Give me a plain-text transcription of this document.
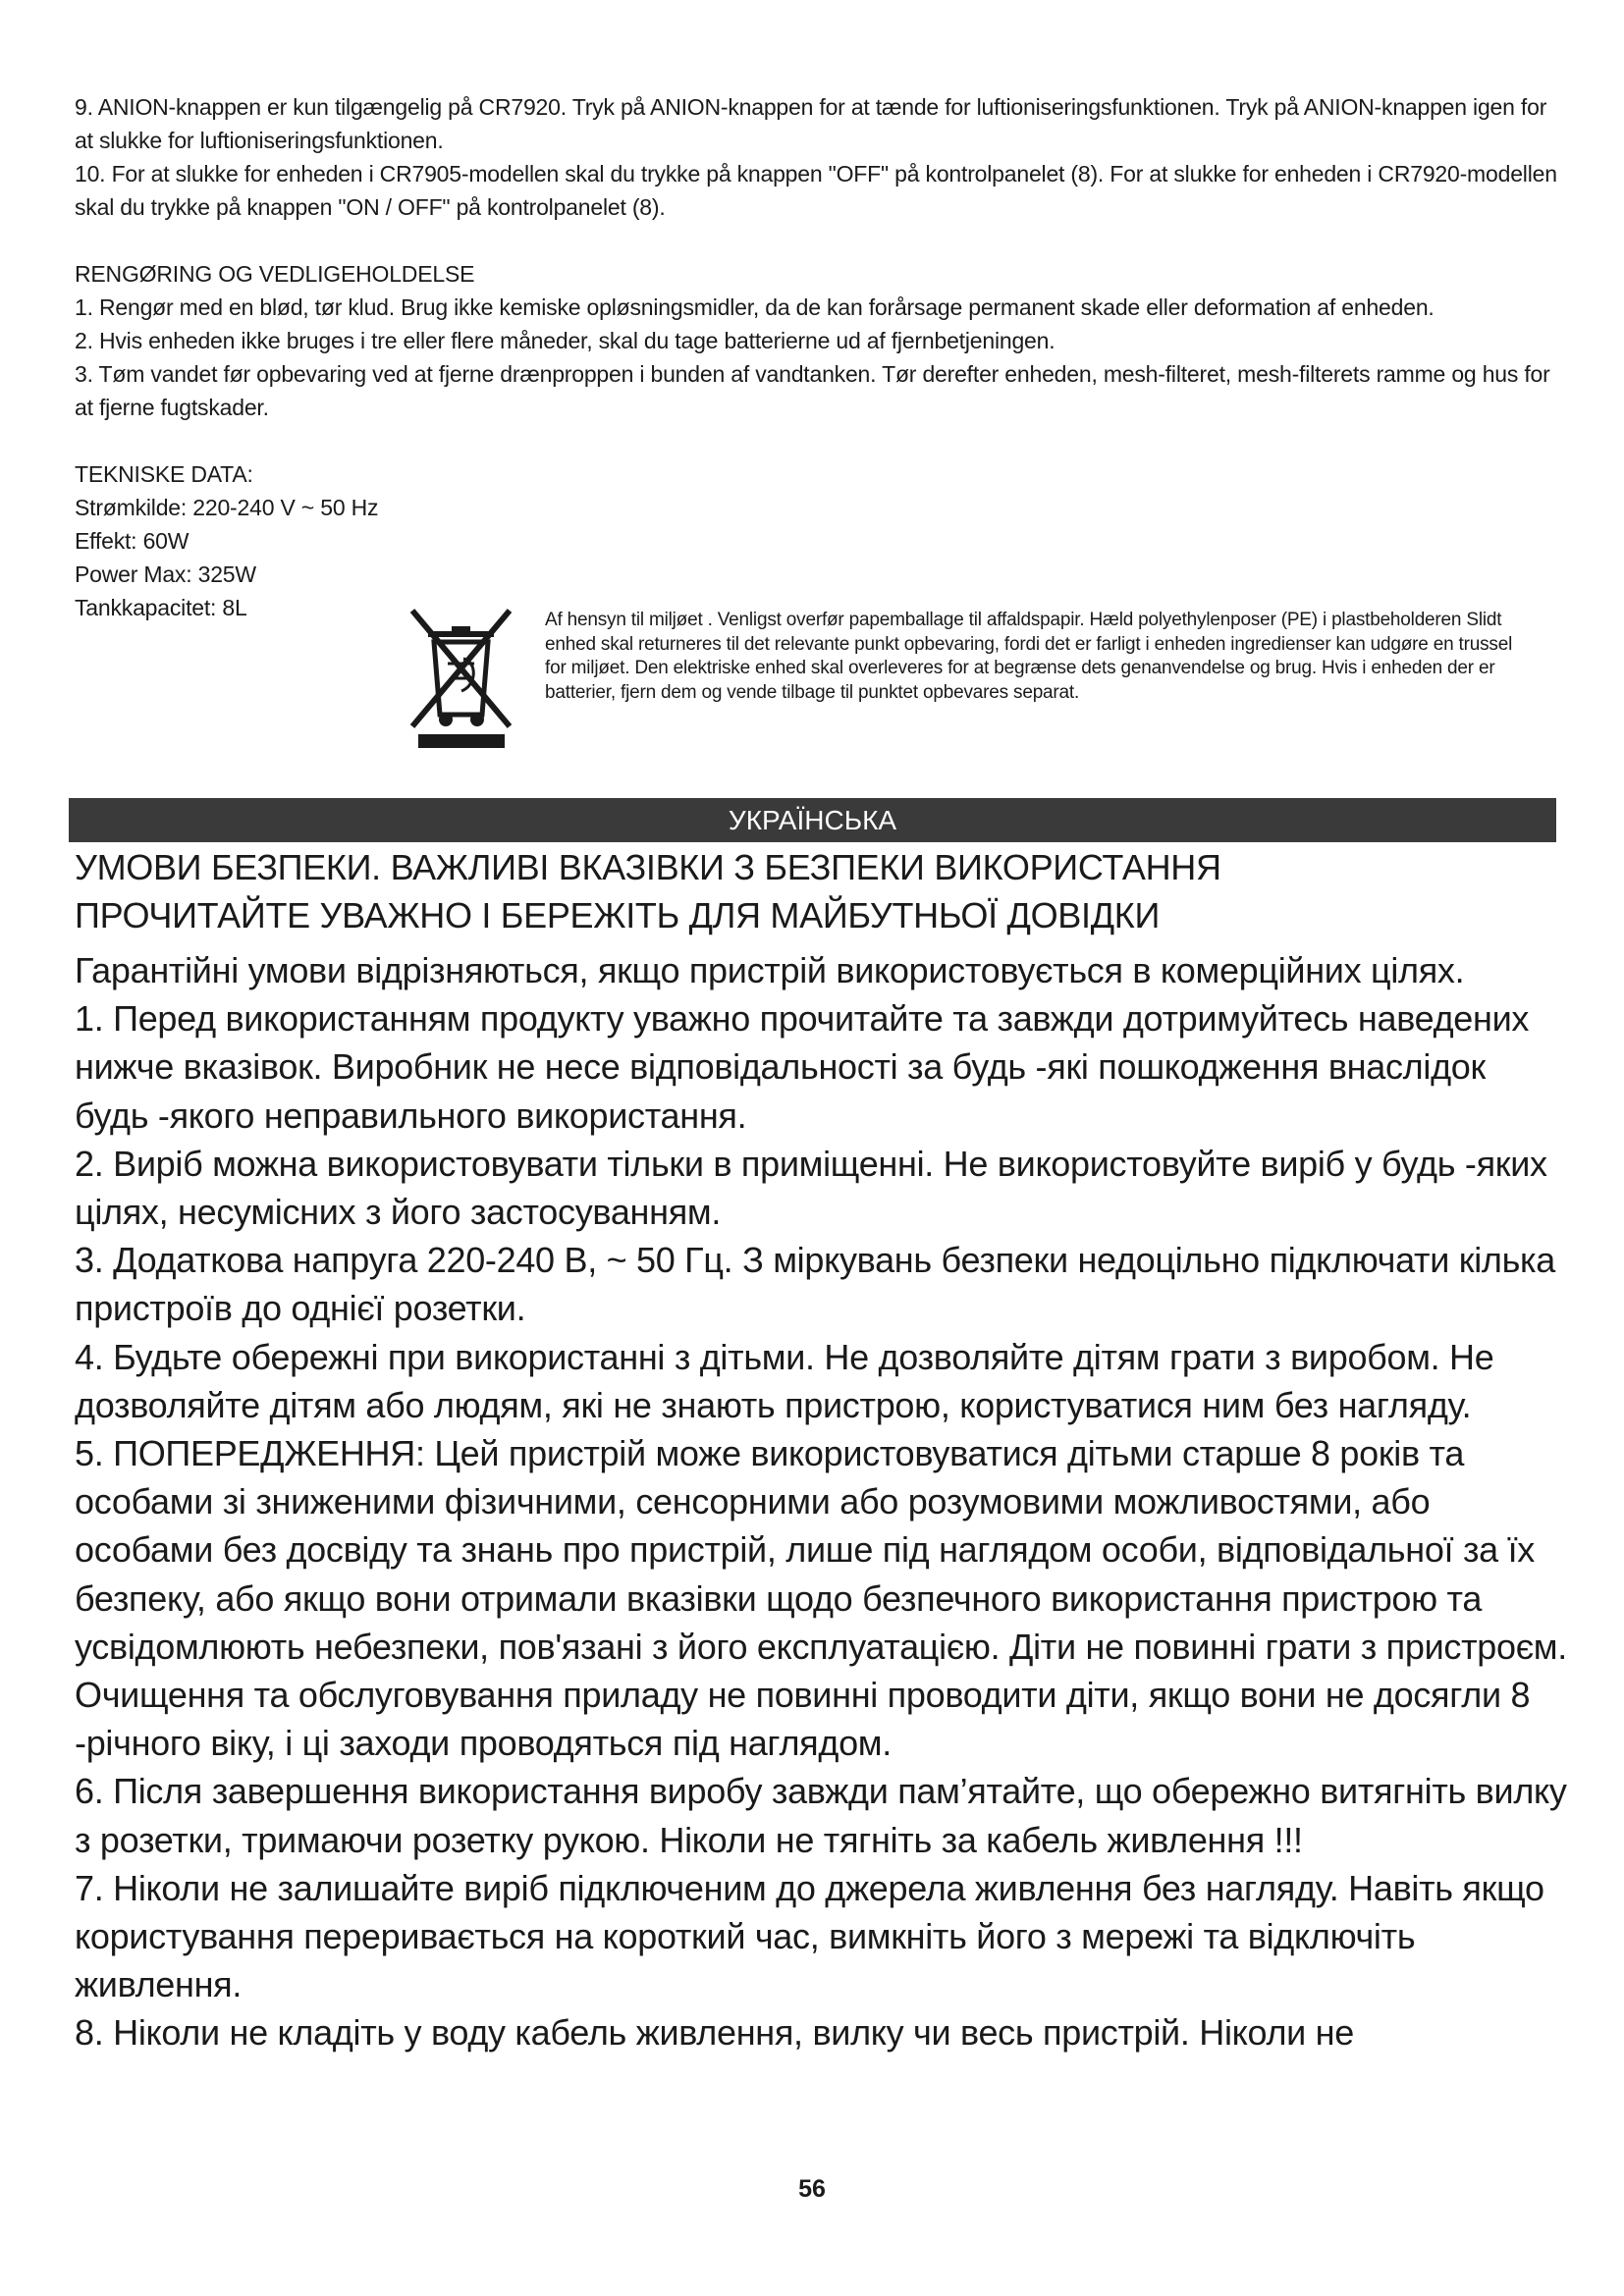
9. ANION-knappen er kun tilgængelig på CR7920. Tryk på ANION-knappen for at tænde for luftioniseringsfunktionen. Tryk på ANION-knappen igen for at slukke for luftioniseringsfunktionen.

10. For at slukke for enheden i CR7905-modellen skal du trykke på knappen "OFF" på kontrolpanelet (8). For at slukke for enheden i CR7920-modellen skal du trykke på knappen "ON / OFF" på kontrolpanelet (8).

RENGØRING OG VEDLIGEHOLDELSE

1. Rengør med en blød, tør klud. Brug ikke kemiske opløsningsmidler, da de kan forårsage permanent skade eller deformation af enheden.

2. Hvis enheden ikke bruges i tre eller flere måneder, skal du tage batterierne ud af fjernbetjeningen.

3. Tøm vandet før opbevaring ved at fjerne drænproppen i bunden af vandtanken. Tør derefter enheden, mesh-filteret, mesh-filterets ramme og hus for at fjerne fugtskader.

TEKNISKE DATA:

Strømkilde: 220-240 V ~ 50 Hz

Effekt: 60W

Power Max: 325W

Tankkapacitet: 8L	Af hensyn til miljøet . Venligst overfør papemballage til affaldspapir. Hæld polyethylenposer (PE) i plastbeholderen Slidt enhed skal returneres til det relevante punkt opbevaring, fordi det er farligt i enheden ingredienser kan udgøre en trussel for miljøet. Den elektriske enhed skal overleveres for at begrænse dets genanvendelse og brug. Hvis i enheden der er batterier, fjern dem og vende tilbage til punktet opbevares separat.

УКРАЇНСЬКА

УМОВИ БЕЗПЕКИ. ВАЖЛИВІ ВКАЗІВКИ З БЕЗПЕКИ ВИКОРИСТАННЯ

ПРОЧИТАЙТЕ УВАЖНО І БЕРЕЖІТЬ ДЛЯ МАЙБУТНЬОЇ ДОВІДКИ

Гарантійні умови відрізняються, якщо пристрій використовується в комерційних цілях.

1. Перед використанням продукту уважно прочитайте та завжди дотримуйтесь наведених нижче вказівок. Виробник не несе відповідальності за будь -які пошкодження внаслідок будь -якого неправильного використання.

2. Виріб можна використовувати тільки в приміщенні. Не використовуйте виріб у будь -яких цілях, несумісних з його застосуванням.

3. Додаткова напруга 220-240 В, ~ 50 Гц. З міркувань безпеки недоцільно підключати кілька пристроїв до однієї розетки.

4. Будьте обережні при використанні з дітьми. Не дозволяйте дітям грати з виробом. Не дозволяйте дітям або людям, які не знають пристрою, користуватися ним без нагляду.

5. ПОПЕРЕДЖЕННЯ: Цей пристрій може використовуватися дітьми старше 8 років та особами зі зниженими фізичними, сенсорними або розумовими можливостями, або особами без досвіду та знань про пристрій, лише під наглядом особи, відповідальної за їх безпеку, або якщо вони отримали вказівки щодо безпечного використання пристрою та усвідомлюють небезпеки, пов'язані з його експлуатацією. Діти не повинні грати з пристроєм. Очищення та обслуговування приладу не повинні проводити діти, якщо вони не досягли 8 -річного віку, і ці заходи проводяться під наглядом.

6. Після завершення використання виробу завжди пам’ятайте, що обережно витягніть вилку з розетки, тримаючи розетку рукою. Ніколи не тягніть за кабель живлення !!!

7. Ніколи не залишайте виріб підключеним до джерела живлення без нагляду. Навіть якщо користування переривається на короткий час, вимкніть його з мережі та відключіть живлення.

8. Ніколи не кладіть у воду кабель живлення, вилку чи весь пристрій. Ніколи не

56
